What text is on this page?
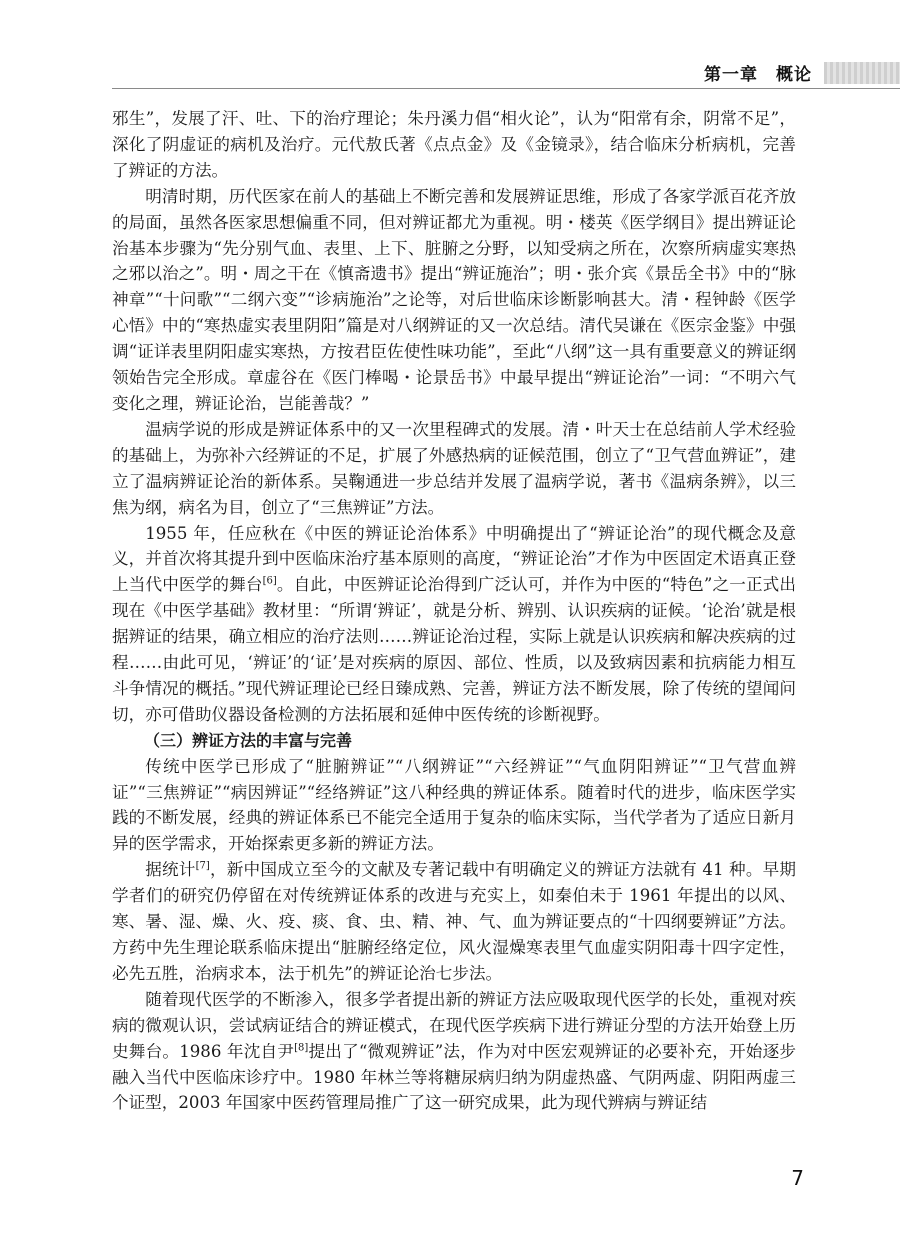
第一章　概论

邪生”，发展了汗、吐、下的治疗理论；朱丹溪力倡“相火论”，认为“阳常有余，阴常不足”，深化了阴虚证的病机及治疗。元代敖氏著《点点金》及《金镜录》，结合临床分析病机，完善了辨证的方法。

明清时期，历代医家在前人的基础上不断完善和发展辨证思维，形成了各家学派百花齐放的局面，虽然各医家思想偏重不同，但对辨证都尤为重视。明・楼英《医学纲目》提出辨证论治基本步骤为“先分别气血、表里、上下、脏腑之分野，以知受病之所在，次察所病虚实寒热之邪以治之”。明・周之干在《慎斋遗书》提出“辨证施治”；明・张介宾《景岳全书》中的“脉神章”“十问歌”“二纲六变”“诊病施治”之论等，对后世临床诊断影响甚大。清・程钟龄《医学心悟》中的“寒热虚实表里阴阳”篇是对八纲辨证的又一次总结。清代吴谦在《医宗金鉴》中强调“证详表里阴阳虚实寒热，方按君臣佐使性味功能”，至此“八纲”这一具有重要意义的辨证纲领始告完全形成。章虚谷在《医门棒喝・论景岳书》中最早提出“辨证论治”一词：“不明六气变化之理，辨证论治，岂能善哉？”

温病学说的形成是辨证体系中的又一次里程碑式的发展。清・叶天士在总结前人学术经验的基础上，为弥补六经辨证的不足，扩展了外感热病的证候范围，创立了“卫气营血辨证”，建立了温病辨证论治的新体系。吴鞠通进一步总结并发展了温病学说，著书《温病条辨》，以三焦为纲，病名为目，创立了“三焦辨证”方法。

1955 年，任应秋在《中医的辨证论治体系》中明确提出了“辨证论治”的现代概念及意义，并首次将其提升到中医临床治疗基本原则的高度，“辨证论治”才作为中医固定术语真正登上当代中医学的舞台[6]。自此，中医辨证论治得到广泛认可，并作为中医的“特色”之一正式出现在《中医学基础》教材里：“所谓‘辨证’，就是分析、辨别、认识疾病的证候。‘论治’就是根据辨证的结果，确立相应的治疗法则……辨证论治过程，实际上就是认识疾病和解决疾病的过程……由此可见，‘辨证’的‘证’是对疾病的原因、部位、性质，以及致病因素和抗病能力相互斗争情况的概括。”现代辨证理论已经日臻成熟、完善，辨证方法不断发展，除了传统的望闻问切，亦可借助仪器设备检测的方法拓展和延伸中医传统的诊断视野。

（三）辨证方法的丰富与完善

传统中医学已形成了“脏腑辨证”“八纲辨证”“六经辨证”“气血阴阳辨证”“卫气营血辨证”“三焦辨证”“病因辨证”“经络辨证”这八种经典的辨证体系。随着时代的进步，临床医学实践的不断发展，经典的辨证体系已不能完全适用于复杂的临床实际，当代学者为了适应日新月异的医学需求，开始探索更多新的辨证方法。

据统计[7]，新中国成立至今的文献及专著记载中有明确定义的辨证方法就有 41 种。早期学者们的研究仍停留在对传统辨证体系的改进与充实上，如秦伯未于 1961 年提出的以风、寒、暑、湿、燥、火、疫、痰、食、虫、精、神、气、血为辨证要点的“十四纲要辨证”方法。方药中先生理论联系临床提出“脏腑经络定位，风火湿燥寒表里气血虚实阴阳毒十四字定性，必先五胜，治病求本，法于机先”的辨证论治七步法。

随着现代医学的不断渗入，很多学者提出新的辨证方法应吸取现代医学的长处，重视对疾病的微观认识，尝试病证结合的辨证模式，在现代医学疾病下进行辨证分型的方法开始登上历史舞台。1986 年沈自尹[8]提出了“微观辨证”法，作为对中医宏观辨证的必要补充，开始逐步融入当代中医临床诊疗中。1980 年林兰等将糖尿病归纳为阴虚热盛、气阴两虚、阴阳两虚三个证型，2003 年国家中医药管理局推广了这一研究成果，此为现代辨病与辨证结

7
